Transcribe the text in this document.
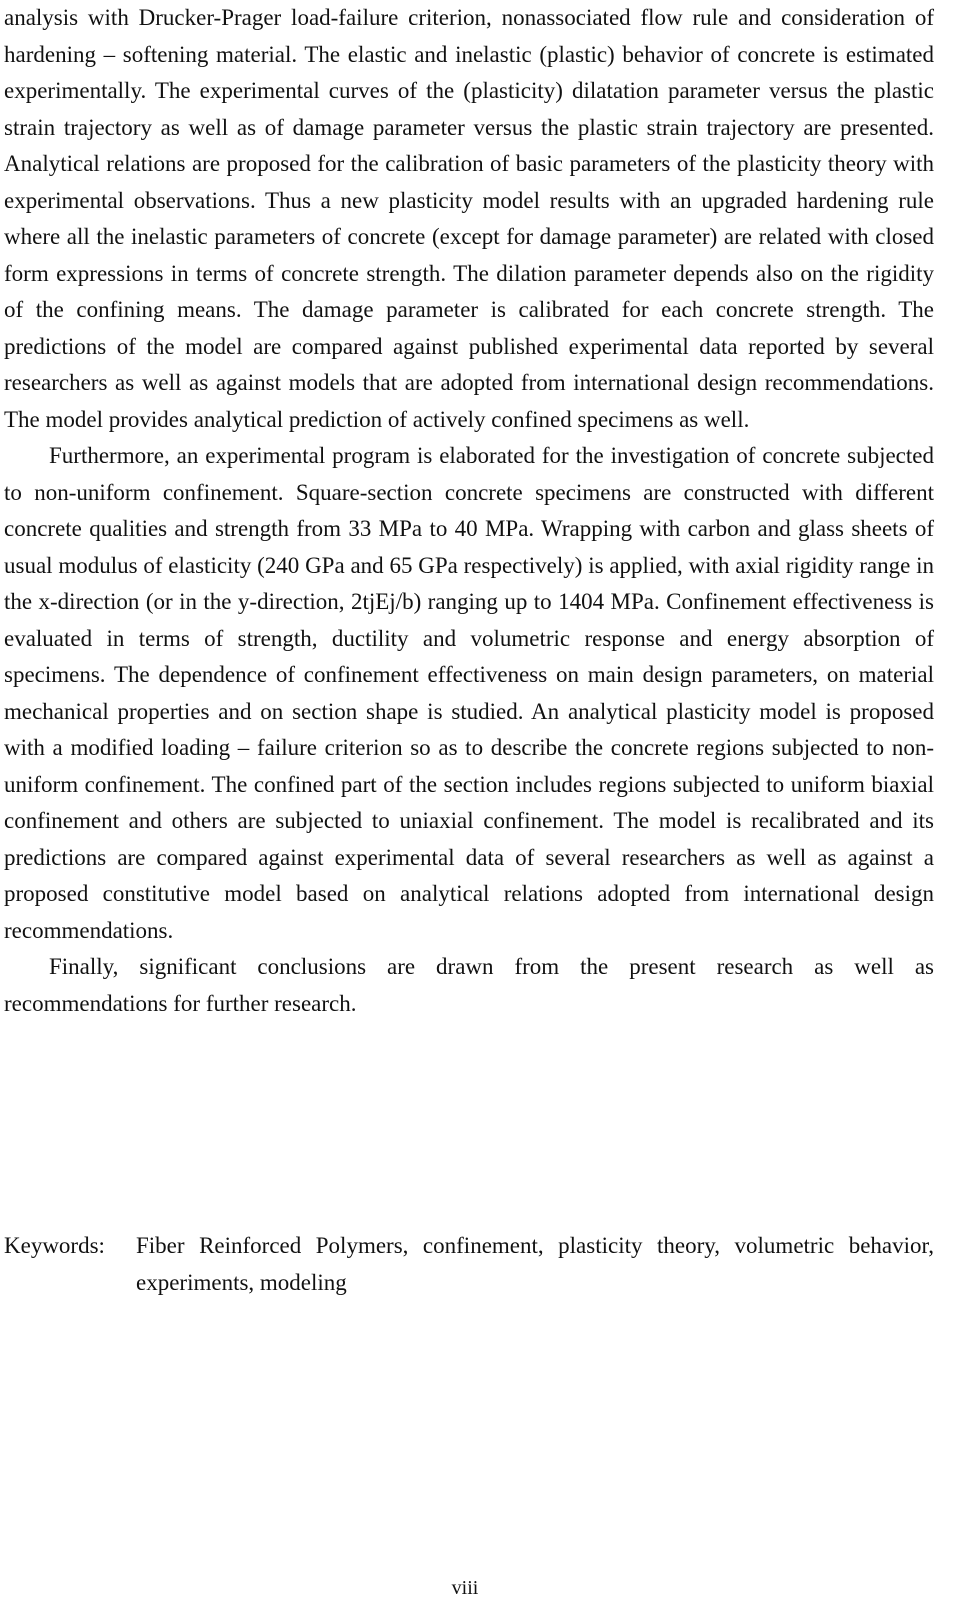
analysis with Drucker-Prager load-failure criterion, nonassociated flow rule and consideration of hardening – softening material. The elastic and inelastic (plastic) behavior of concrete is estimated experimentally. The experimental curves of the (plasticity) dilatation parameter versus the plastic strain trajectory as well as of damage parameter versus the plastic strain trajectory are presented. Analytical relations are proposed for the calibration of basic parameters of the plasticity theory with experimental observations. Thus a new plasticity model results with an upgraded hardening rule where all the inelastic parameters of concrete (except for damage parameter) are related with closed form expressions in terms of concrete strength. The dilation parameter depends also on the rigidity of the confining means. The damage parameter is calibrated for each concrete strength. The predictions of the model are compared against published experimental data reported by several researchers as well as against models that are adopted from international design recommendations. The model provides analytical prediction of actively confined specimens as well.

Furthermore, an experimental program is elaborated for the investigation of concrete subjected to non-uniform confinement. Square-section concrete specimens are constructed with different concrete qualities and strength from 33 MPa to 40 MPa. Wrapping with carbon and glass sheets of usual modulus of elasticity (240 GPa and 65 GPa respectively) is applied, with axial rigidity range in the x-direction (or in the y-direction, 2tjEj/b) ranging up to 1404 MPa. Confinement effectiveness is evaluated in terms of strength, ductility and volumetric response and energy absorption of specimens. The dependence of confinement effectiveness on main design parameters, on material mechanical properties and on section shape is studied. An analytical plasticity model is proposed with a modified loading – failure criterion so as to describe the concrete regions subjected to non-uniform confinement. The confined part of the section includes regions subjected to uniform biaxial confinement and others are subjected to uniaxial confinement. The model is recalibrated and its predictions are compared against experimental data of several researchers as well as against a proposed constitutive model based on analytical relations adopted from international design recommendations.

Finally, significant conclusions are drawn from the present research as well as recommendations for further research.

Keywords:	Fiber Reinforced Polymers, confinement, plasticity theory, volumetric behavior, experiments, modeling
viii
